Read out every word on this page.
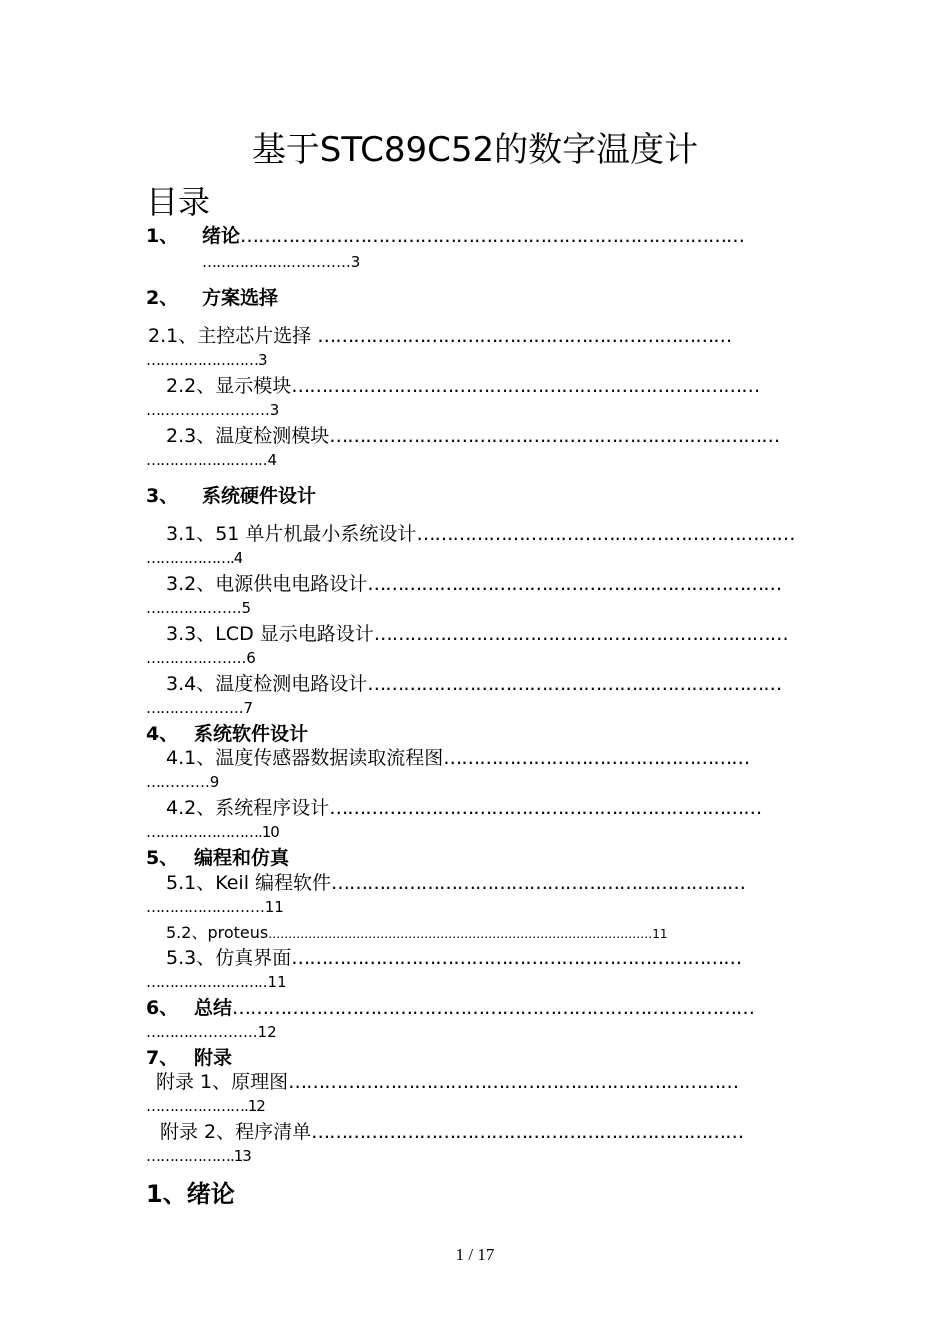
基于STC89C52的数字温度计
目录
1、 绪论…………………………………………………………………………
………………………….3
2、 方案选择
2.1、主控芯片选择 ……………………………………………………………
……………………3
2.2、显示模块……………………………………………………………………
…………………….3
2.3、温度检测模块…………………………………………………………………
……………………..4
3、 系统硬件设计
3.1、51 单片机最小系统设计………………………………………………………
……………….4
3.2、电源供电电路设计……………………………………………………………
………………..5
3.3、LCD 显示电路设计……………………………………………………………
………………...6
3.4、温度检测电路设计……………………………………………………………
………………..7
4、 系统软件设计
4.1、温度传感器数据读取流程图……………………………………………
………….9
4.2、系统程序设计………………………………………………………………
…………………….10
5、 编程和仿真
5.1、Keil 编程软件……………………………………………………………
…………………….11
5.2、proteus……………………………………………………………………………………11
5.3、仿真界面…………………………………………………………………
……………………..11
6、 总结……………………………………………………………………………
…………………..12
7、 附录
附录 1、原理图…………………………………………………………………
………………….12
附录 2、程序清单………………………………………………………………
……………….13
1、绪论
1 / 17
